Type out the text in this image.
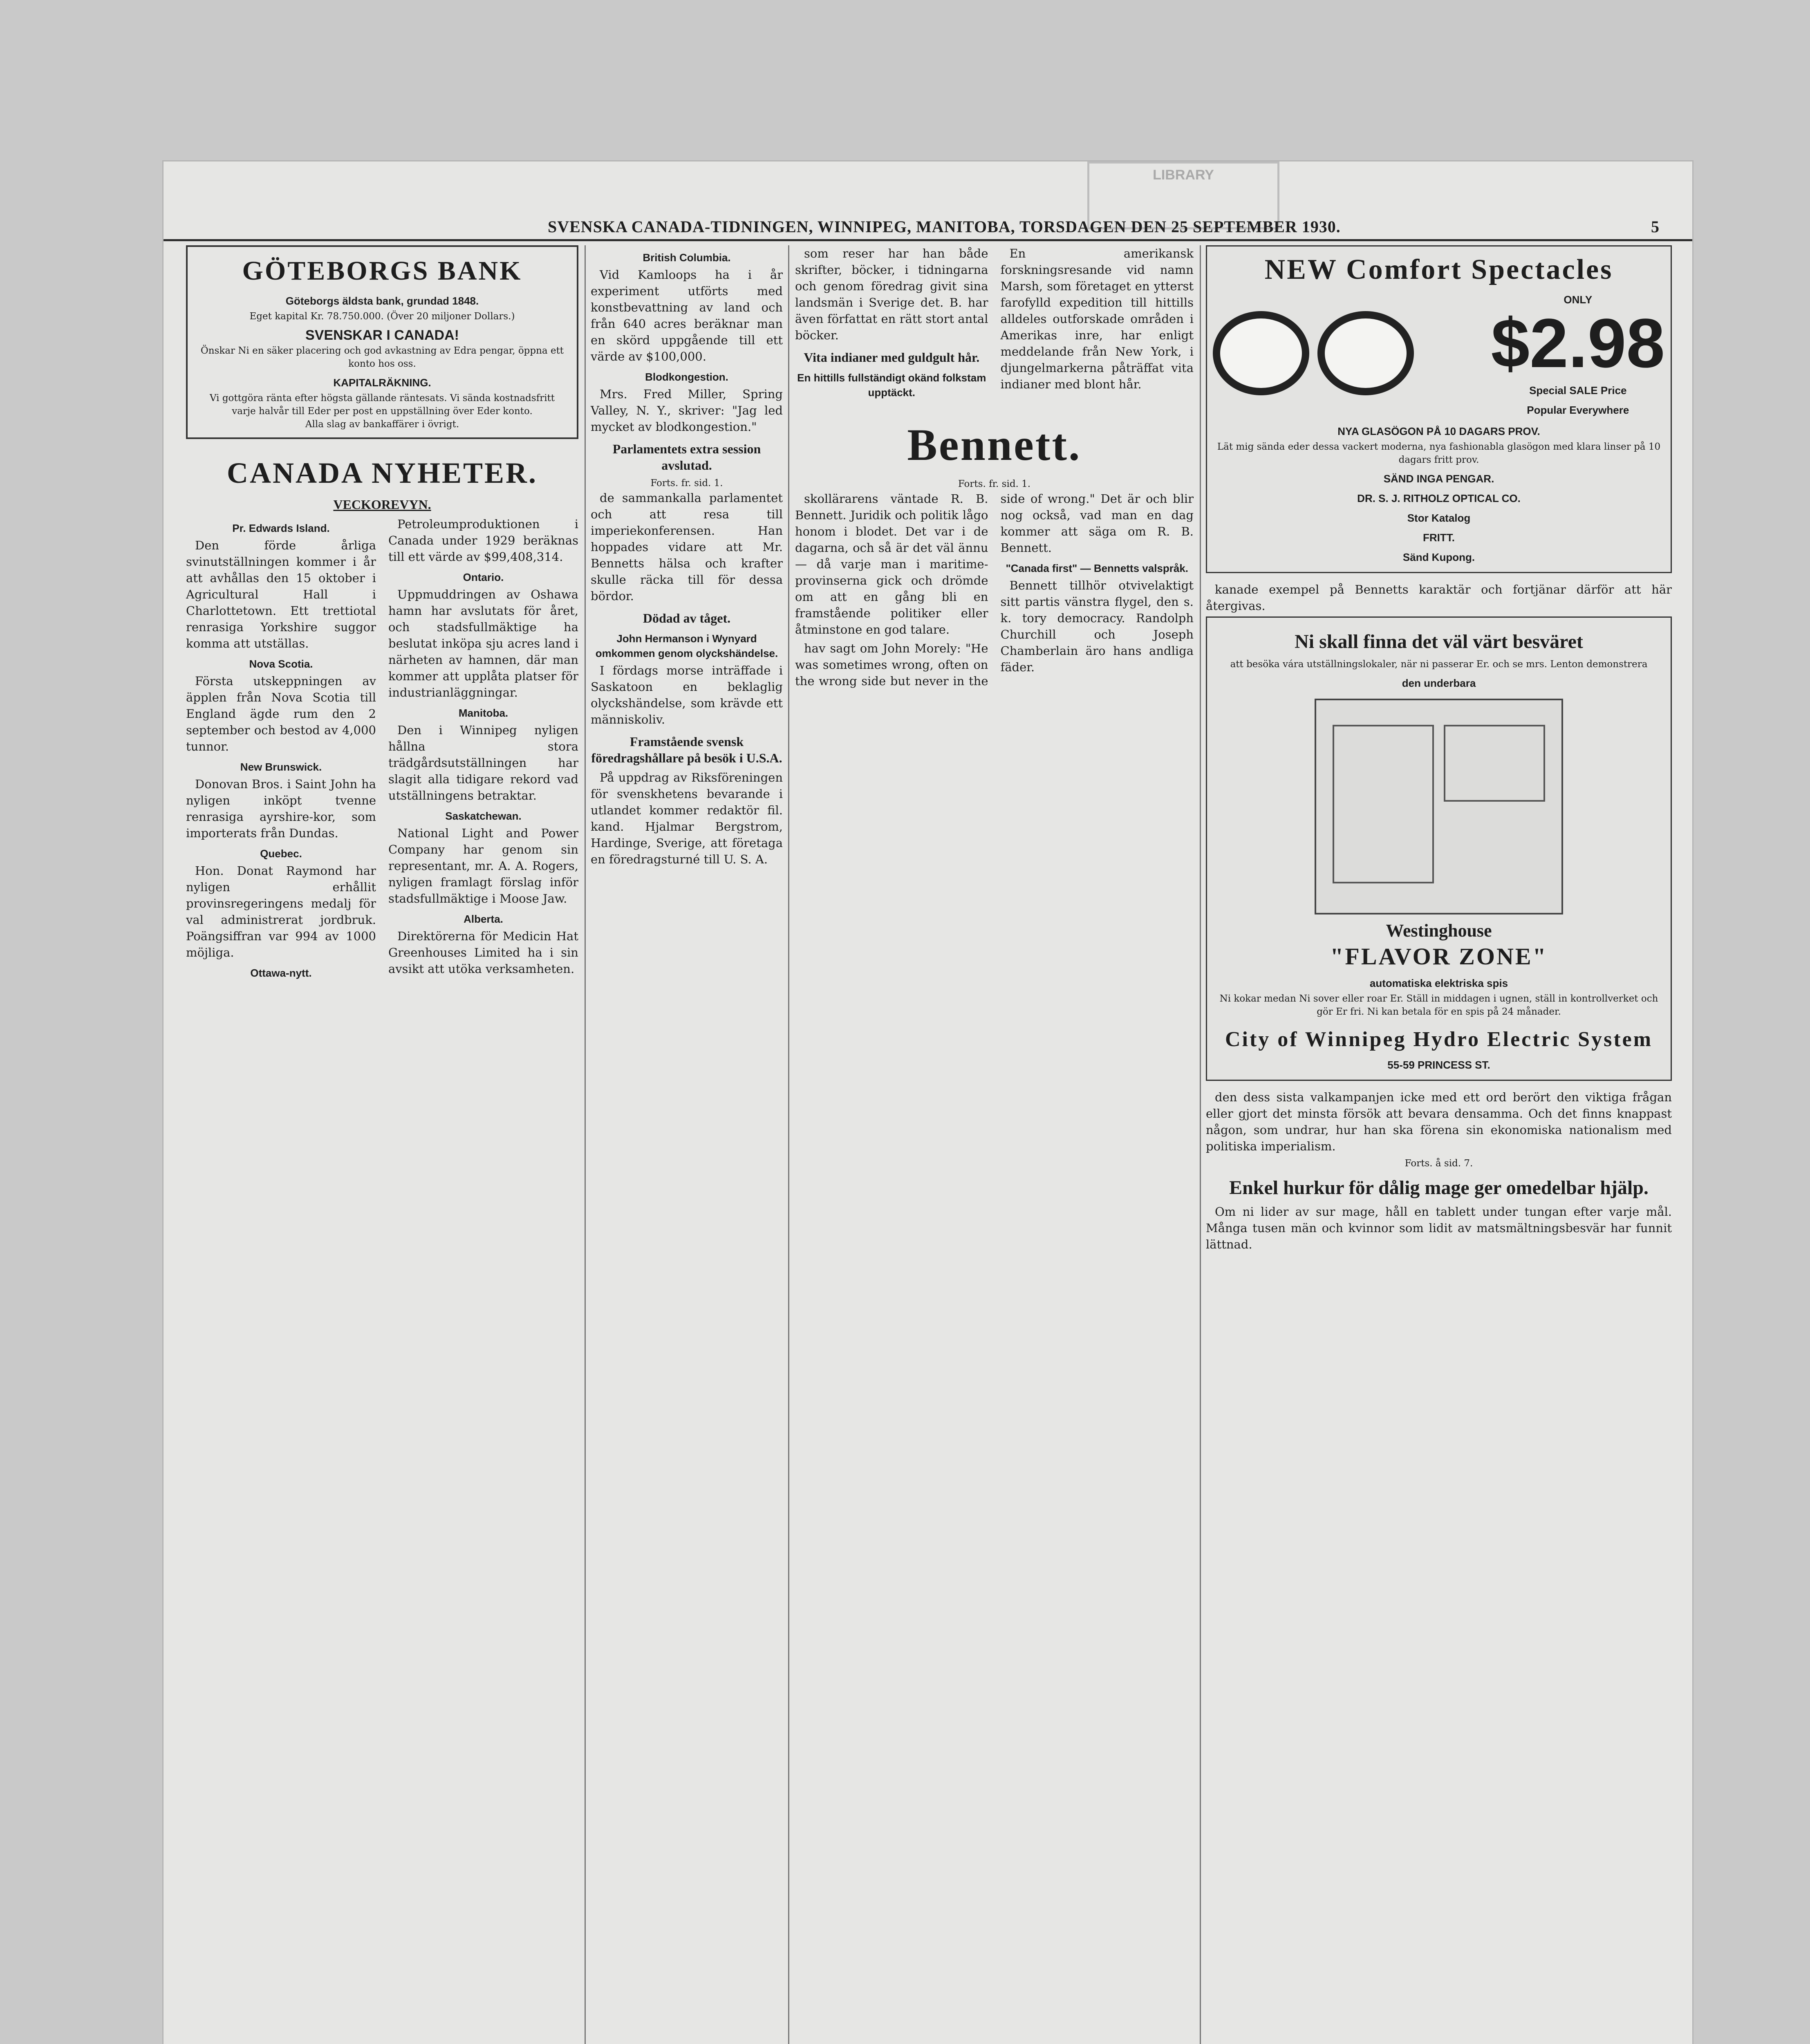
LIBRARY
SVENSKA CANADA-TIDNINGEN, WINNIPEG, MANITOBA, TORSDAGEN DEN 25 SEPTEMBER 1930.	5
GÖTEBORGS BANK
Göteborgs äldsta bank, grundad 1848.
Eget kapital Kr. 78.750.000. (Över 20 miljoner Dollars.)
SVENSKAR I CANADA!
Önskar Ni en säker placering och god avkastning av Edra pengar, öppna ett konto hos oss.
KAPITALRÄKNING.
Vi gottgöra ränta efter högsta gällande räntesats. Vi sända kostnadsfritt varje halvår till Eder per post en uppställning över Eder konto.
Alla slag av bankaffärer i övrigt.
CANADA NYHETER.
VECKOREVYN.
Pr. Edwards Island.

Den förde årliga svinutställningen kommer i år att avhållas den 15 oktober i Agricultural Hall i Charlottetown. Ett trettiotal renrasiga Yorkshire suggor komma att utställas.

Nova Scotia.

Första utskeppningen av äpplen från Nova Scotia till England ägde rum den 2 september och bestod av 4,000 tunnor.

New Brunswick.

Donovan Bros. i Saint John ha nyligen inköpt tvenne renrasiga ayrshire-kor, som importerats från Dundas.

Quebec.

Hon. Donat Raymond har nyligen erhållit provinsregeringens medalj för val administrerat jordbruk. Poängsiffran var 994 av 1000 möjliga.

Ottawa-nytt.

Petroleumproduktionen i Canada under 1929 beräknas till ett värde av $99,408,314.

Ontario.

Uppmuddringen av Oshawa hamn har avslutats för året, och stadsfullmäktige ha beslutat inköpa sju acres land i närheten av hamnen, där man kommer att upplåta platser för industrianläggningar.

Manitoba.

Den i Winnipeg nyligen hållna stora trädgårdsutställningen har slagit alla tidigare rekord vad utställningens betraktar.

Saskatchewan.

National Light and Power Company har genom sin representant, mr. A. A. Rogers, nyligen framlagt förslag inför stadsfullmäktige i Moose Jaw.

Alberta.

Direktörerna för Medicin Hat Greenhouses Limited ha i sin avsikt att utöka verksamheten.

British Columbia.

Vid Kamloops ha i år experiment utförts med konstbevattning av land och från 640 acres beräknar man en skörd uppgående till ett värde av $100,000.

Blodkongestion.

Mrs. Fred Miller, Spring Valley, N. Y., skriver: "Jag led mycket av blodkongestion."

Parlamentets extra session avslutad.
Forts. fr. sid. 1.

de sammankalla parlamentet och att resa till imperiekonferensen. Han hoppades vidare att Mr. Bennetts hälsa och krafter skulle räcka till för dessa bördor.

Dödad av tåget.
John Hermanson i Wynyard omkommen genom olyckshändelse.

I fördags morse inträffade i Saskatoon en beklaglig olyckshändelse, som krävde ett människoliv.

Framstående svensk föredragshållare på besök i U.S.A.

På uppdrag av Riksföreningen för svenskhetens bevarande i utlandet kommer redaktör fil. kand. Hjalmar Bergstrom, Hardinge, Sverige, att företaga en föredragsturné till U. S. A.

som reser har han både skrifter, böcker, i tidningarna och genom föredrag givit sina landsmän i Sverige det. B. har även författat en rätt stort antal böcker.

Vita indianer med guldgult hår.
En hittills fullständigt okänd folkstam upptäckt.

En amerikansk forskningsresande vid namn Marsh, som företaget en ytterst farofylld expedition till hittills alldeles outforskade områden i Amerikas inre, har enligt meddelande från New York, i djungelmarkerna påträffat vita indianer med blont hår.

Bennett.
Forts. fr. sid. 1.

skollärarens väntade R. B. Bennett. Juridik och politik lågo honom i blodet. Det var i de dagarna, och så är det väl ännu — då varje man i maritime-provinserna gick och drömde om att en gång bli en framstående politiker eller åtminstone en god talare.

hav sagt om John Morely: "He was sometimes wrong, often on the wrong side but never in the side of wrong." Det är och blir nog också, vad man en dag kommer att säga om R. B. Bennett.

"Canada first" — Bennetts valspråk.

Bennett tillhör otvivelaktigt sitt partis vänstra flygel, den s. k. tory democracy. Randolph Churchill och Joseph Chamberlain äro hans andliga fäder.

NEW Comfort Spectacles
ONLY
$2.98
Special SALE Price
Popular Everywhere
NYA GLASÖGON PÅ 10 DAGARS PROV.
Lät mig sända eder dessa vackert moderna, nya fashionabla glasögon med klara linser på 10 dagars fritt prov.
SÄND INGA PENGAR.
DR. S. J. RITHOLZ OPTICAL CO.
Stor Katalog
FRITT.
Sänd Kupong.

kanade exempel på Bennetts karaktär och fortjänar därför att här återgivas.

Ni skall finna det väl värt besväret
att besöka vára utställningslokaler, när ni passerar Er. och se mrs. Lenton demonstrera
den underbara
Westinghouse
"FLAVOR ZONE"
automatiska elektriska spis
Ni kokar medan Ni sover eller roar Er. Ställ in middagen i ugnen, ställ in kontrollverket och gör Er fri. Ni kan betala för en spis på 24 månader.
City of Winnipeg Hydro Electric System
55-59 PRINCESS ST.

den dess sista valkampanjen icke med ett ord berört den viktiga frågan eller gjort det minsta försök att bevara densamma. Och det finns knappast någon, som undrar, hur han ska förena sin ekonomiska nationalism med politiska imperialism.

Forts. å sid. 7.
Enkel hurkur för dålig mage ger omedelbar hjälp.

Om ni lider av sur mage, håll en tablett under tungan efter varje mål. Många tusen män och kvinnor som lidit av matsmältningsbesvär har funnit lättnad.
